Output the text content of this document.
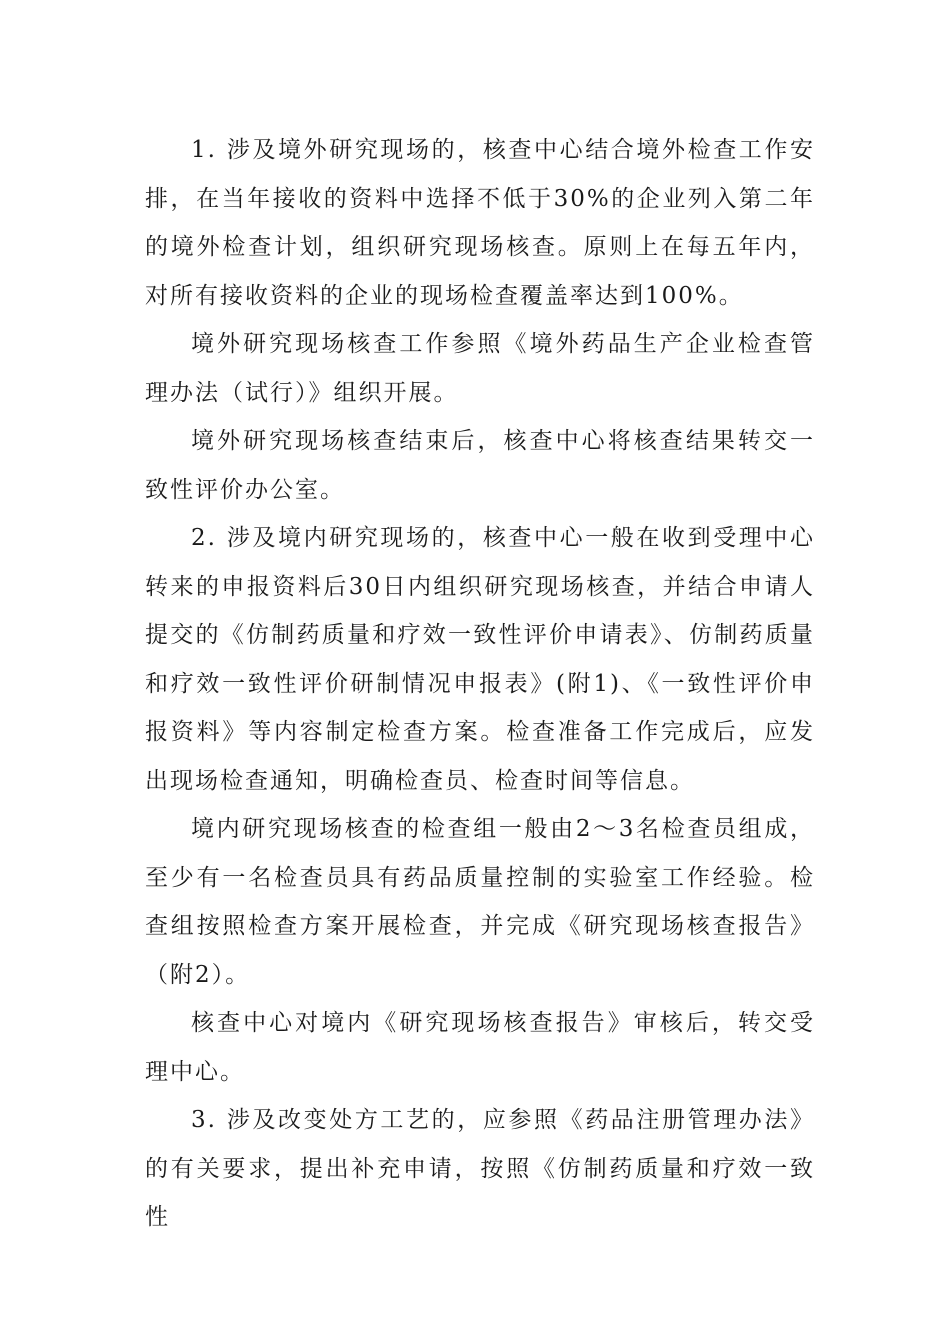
1. 涉及境外研究现场的，核查中心结合境外检查工作安排，在当年接收的资料中选择不低于30%的企业列入第二年的境外检查计划，组织研究现场核查。原则上在每五年内，对所有接收资料的企业的现场检查覆盖率达到100%。

境外研究现场核查工作参照《境外药品生产企业检查管理办法（试行）》组织开展。

境外研究现场核查结束后，核查中心将核查结果转交一致性评价办公室。

2. 涉及境内研究现场的，核查中心一般在收到受理中心转来的申报资料后30日内组织研究现场核查，并结合申请人提交的《仿制药质量和疗效一致性评价申请表》、仿制药质量和疗效一致性评价研制情况申报表》(附1)、《一致性评价申报资料》等内容制定检查方案。检查准备工作完成后，应发出现场检查通知，明确检查员、检查时间等信息。

境内研究现场核查的检查组一般由2～3名检查员组成，至少有一名检查员具有药品质量控制的实验室工作经验。检查组按照检查方案开展检查，并完成《研究现场核查报告》（附2）。

核查中心对境内《研究现场核查报告》审核后，转交受理中心。

3. 涉及改变处方工艺的，应参照《药品注册管理办法》的有关要求，提出补充申请，按照《仿制药质量和疗效一致性
